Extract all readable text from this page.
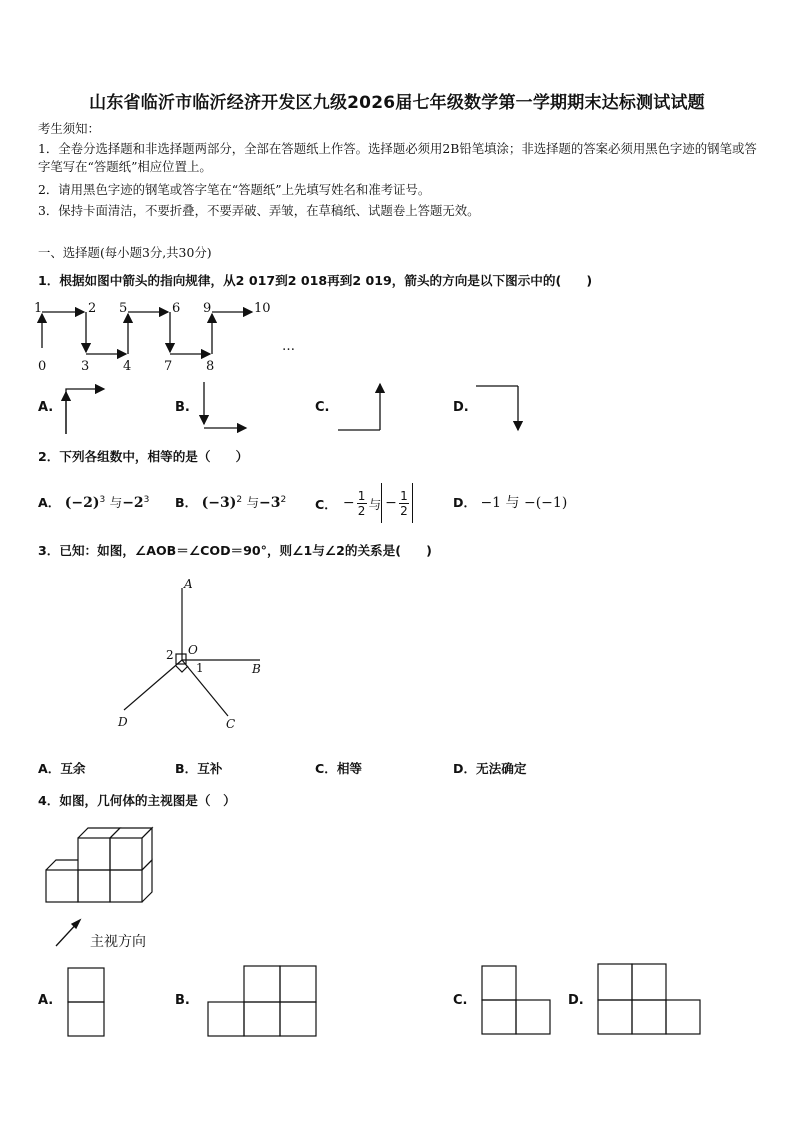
山东省临沂市临沂经济开发区九级2026届七年级数学第一学期期末达标测试试题
考生须知：
1．全卷分选择题和非选择题两部分，全部在答题纸上作答。选择题必须用2B铅笔填涂；非选择题的答案必须用黑色字迹的钢笔或答字笔写在“答题纸”相应位置上。
2．请用黑色字迹的钢笔或答字笔在“答题纸”上先填写姓名和准考证号。
3．保持卡面清洁，不要折叠，不要弄破、弄皱，在草稿纸、试题卷上答题无效。
一、选择题(每小题3分,共30分)
1．根据如图中箭头的指向规律，从2 017到2 018再到2 019，箭头的方向是以下图示中的(　　)
1	2 5	6 9	10
0	3	4	7	8
…
A.	B.	C.	D.
2．下列各组数中，相等的是（　　）
A． $(-2)^3$ 与$-2^3$ B． $(-3)^2$ 与$-3^2$ C． − 1
2 与 − 1
2
D． −1 与 −(−1)
3．已知：如图，∠AOB＝∠COD＝90°，则∠1与∠2的关系是(　　)
A
O
B
C
D
2
1
A．互余	B．互补	C．相等	D．无法确定
4．如图，几何体的主视图是（　）
主视方向
A.	B.	C.	D.
